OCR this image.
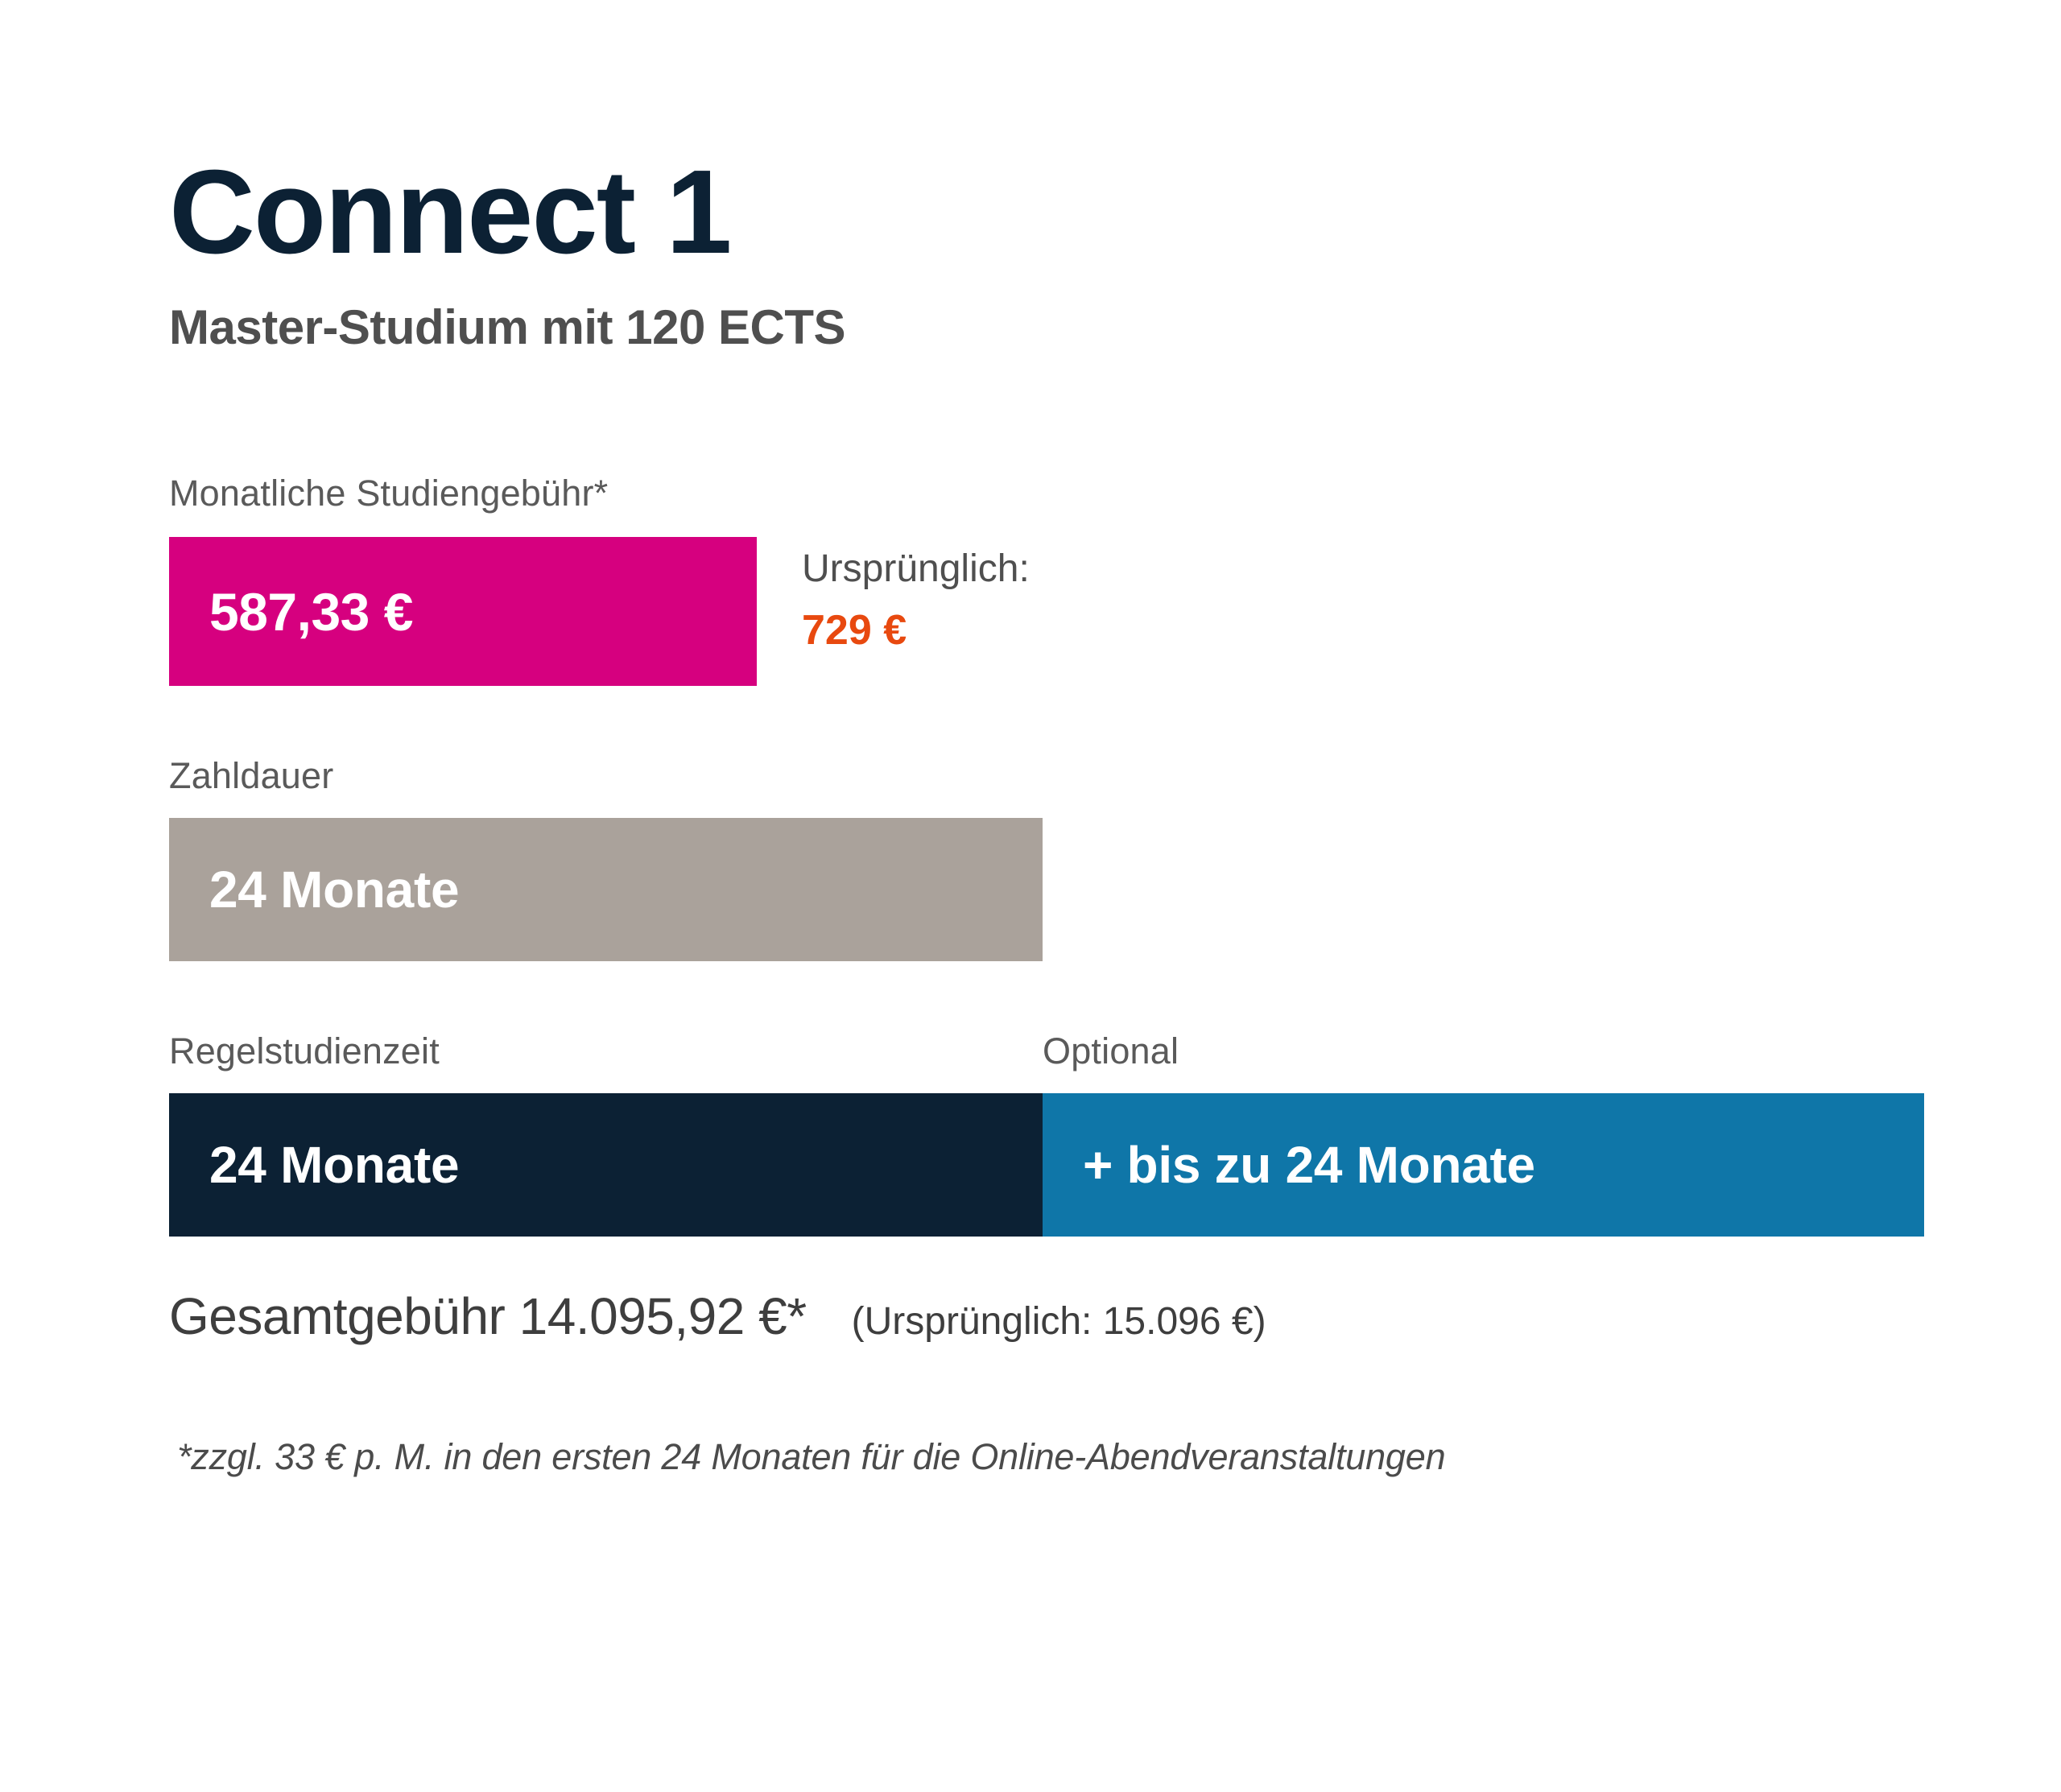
Connect 1
Master-Studium mit 120 ECTS
Monatliche Studiengebühr*
587,33 €
Ursprünglich:
729 €
Zahldauer
24 Monate
Regelstudienzeit	Optional
24 Monate	+ bis zu 24 Monate
Gesamtgebühr 14.095,92 €* (Ursprünglich: 15.096 €)
*zzgl. 33 € p. M. in den ersten 24 Monaten für die Online-Abendveranstaltungen
